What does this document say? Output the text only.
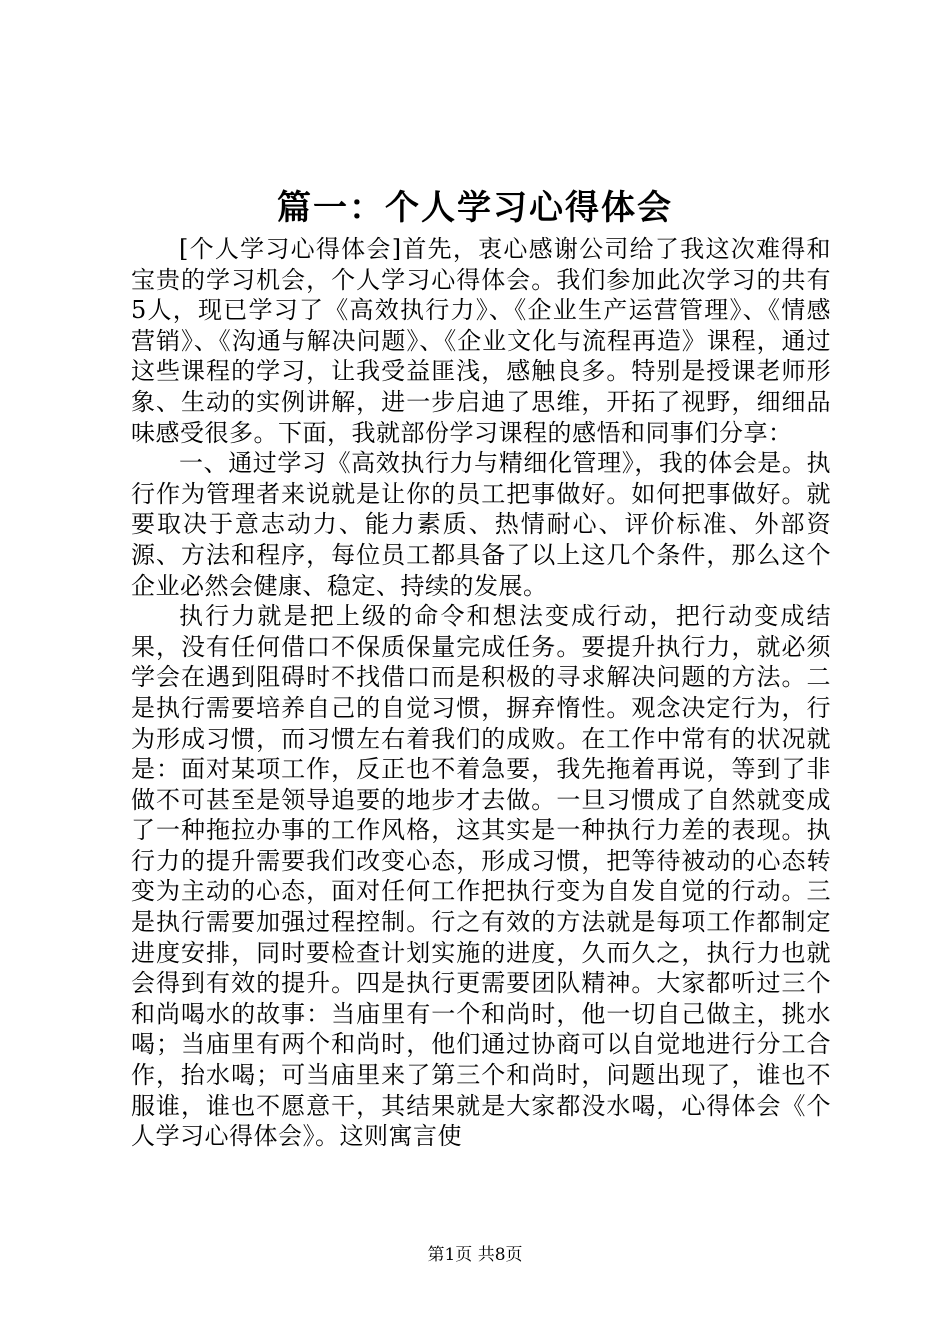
篇一：个人学习心得体会

[个人学习心得体会]首先，衷心感谢公司给了我这次难得和宝贵的学习机会，个人学习心得体会。我们参加此次学习的共有5人，现已学习了《高效执行力》、《企业生产运营管理》、《情感营销》、《沟通与解决问题》、《企业文化与流程再造》课程，通过这些课程的学习，让我受益匪浅，感触良多。特别是授课老师形象、生动的实例讲解，进一步启迪了思维，开拓了视野，细细品味感受很多。下面，我就部份学习课程的感悟和同事们分享：

一、通过学习《高效执行力与精细化管理》，我的体会是。执行作为管理者来说就是让你的员工把事做好。如何把事做好。就要取决于意志动力、能力素质、热情耐心、评价标准、外部资源、方法和程序，每位员工都具备了以上这几个条件，那么这个企业必然会健康、稳定、持续的发展。

执行力就是把上级的命令和想法变成行动，把行动变成结果，没有任何借口不保质保量完成任务。要提升执行力，就必须学会在遇到阻碍时不找借口而是积极的寻求解决问题的方法。二是执行需要培养自己的自觉习惯，摒弃惰性。观念决定行为，行为形成习惯，而习惯左右着我们的成败。在工作中常有的状况就是：面对某项工作，反正也不着急要，我先拖着再说，等到了非做不可甚至是领导追要的地步才去做。一旦习惯成了自然就变成了一种拖拉办事的工作风格，这其实是一种执行力差的表现。执行力的提升需要我们改变心态，形成习惯，把等待被动的心态转变为主动的心态，面对任何工作把执行变为自发自觉的行动。三是执行需要加强过程控制。行之有效的方法就是每项工作都制定进度安排，同时要检查计划实施的进度，久而久之，执行力也就会得到有效的提升。四是执行更需要团队精神。大家都听过三个和尚喝水的故事：当庙里有一个和尚时，他一切自己做主，挑水喝；当庙里有两个和尚时，他们通过协商可以自觉地进行分工合作，抬水喝；可当庙里来了第三个和尚时，问题出现了，谁也不服谁，谁也不愿意干，其结果就是大家都没水喝，心得体会《个人学习心得体会》。这则寓言使

第1页 共8页
